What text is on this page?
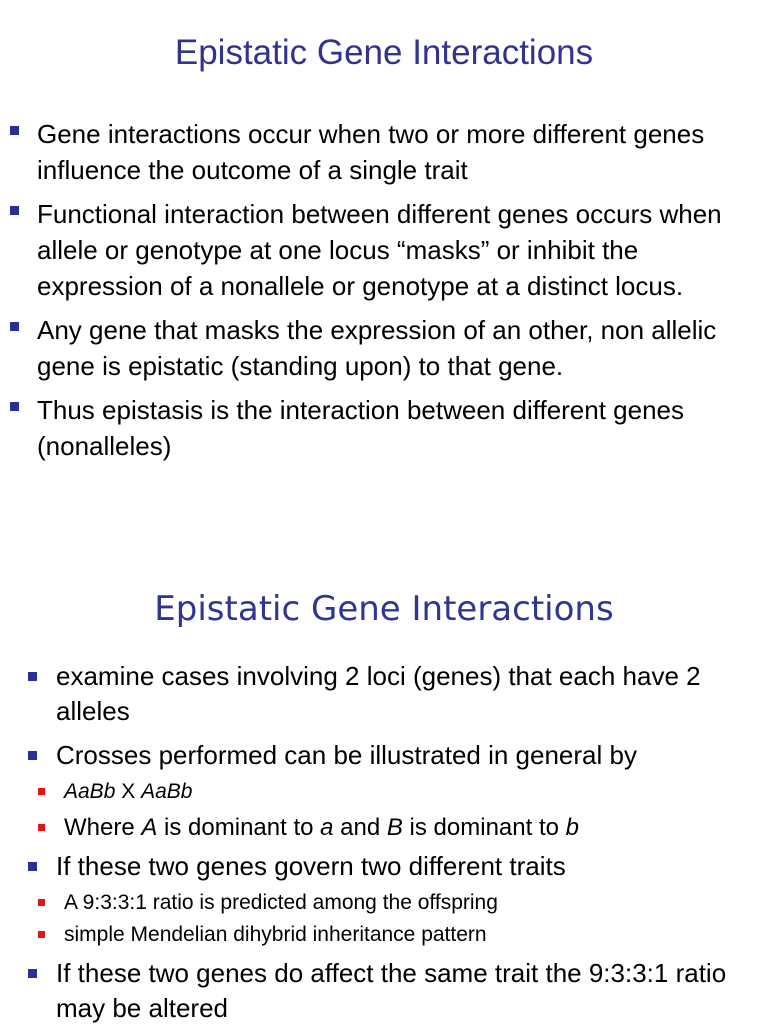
Epistatic Gene Interactions
Gene interactions occur when two or more different genes influence the outcome of a single trait
Functional interaction between different genes occurs when allele or genotype at one locus “masks” or inhibit the expression of a nonallele or genotype at a distinct locus.
Any gene that masks the expression of an other, non allelic gene is epistatic (standing upon) to that gene.
Thus epistasis is the interaction between different genes (nonalleles)
Epistatic Gene Interactions
examine cases involving 2 loci (genes) that each have 2 alleles
Crosses performed can be illustrated in general by
AaBb X AaBb
Where A is dominant to a and B is dominant to b
If these two genes govern two different traits
A 9:3:3:1 ratio is predicted among the offspring
simple Mendelian dihybrid inheritance pattern
If these two genes do affect the same trait the 9:3:3:1 ratio may be altered
